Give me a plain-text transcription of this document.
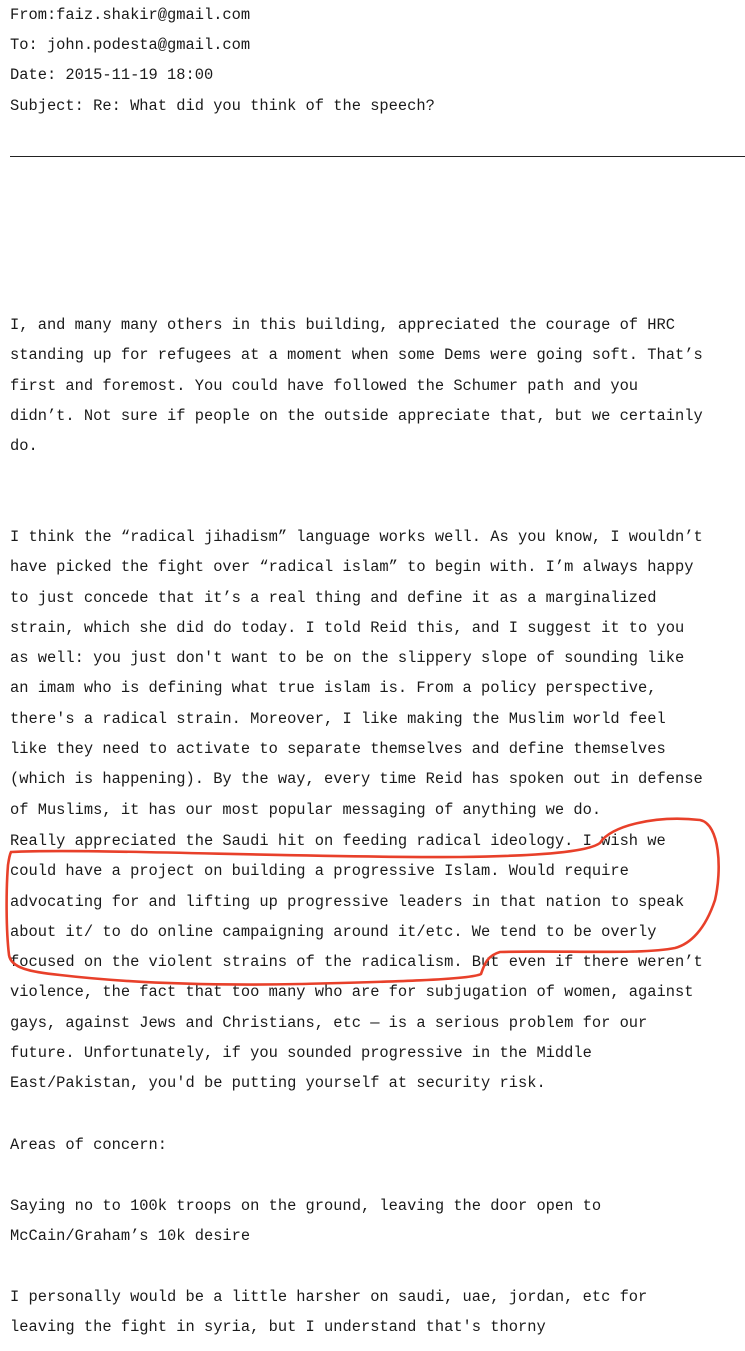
From:faiz.shakir@gmail.com
To: john.podesta@gmail.com
Date: 2015-11-19 18:00
Subject: Re: What did you think of the speech?
I, and many many others in this building, appreciated the courage of HRC
standing up for refugees at a moment when some Dems were going soft. That’s
first and foremost. You could have followed the Schumer path and you
didn’t. Not sure if people on the outside appreciate that, but we certainly
do.
I think the “radical jihadism” language works well. As you know, I wouldn’t
have picked the fight over “radical islam” to begin with. I’m always happy
to just concede that it’s a real thing and define it as a marginalized
strain, which she did do today. I told Reid this, and I suggest it to you
as well: you just don't want to be on the slippery slope of sounding like
an imam who is defining what true islam is. From a policy perspective,
there's a radical strain. Moreover, I like making the Muslim world feel
like they need to activate to separate themselves and define themselves
(which is happening). By the way, every time Reid has spoken out in defense
of Muslims, it has our most popular messaging of anything we do.
Really appreciated the Saudi hit on feeding radical ideology. I wish we
could have a project on building a progressive Islam. Would require
advocating for and lifting up progressive leaders in that nation to speak
about it/ to do online campaigning around it/etc. We tend to be overly
focused on the violent strains of the radicalism. But even if there weren’t
violence, the fact that too many who are for subjugation of women, against
gays, against Jews and Christians, etc — is a serious problem for our
future. Unfortunately, if you sounded progressive in the Middle
East/Pakistan, you'd be putting yourself at security risk.
Areas of concern:
Saying no to 100k troops on the ground, leaving the door open to
McCain/Graham’s 10k desire
I personally would be a little harsher on saudi, uae, jordan, etc for
leaving the fight in syria, but I understand that's thorny
